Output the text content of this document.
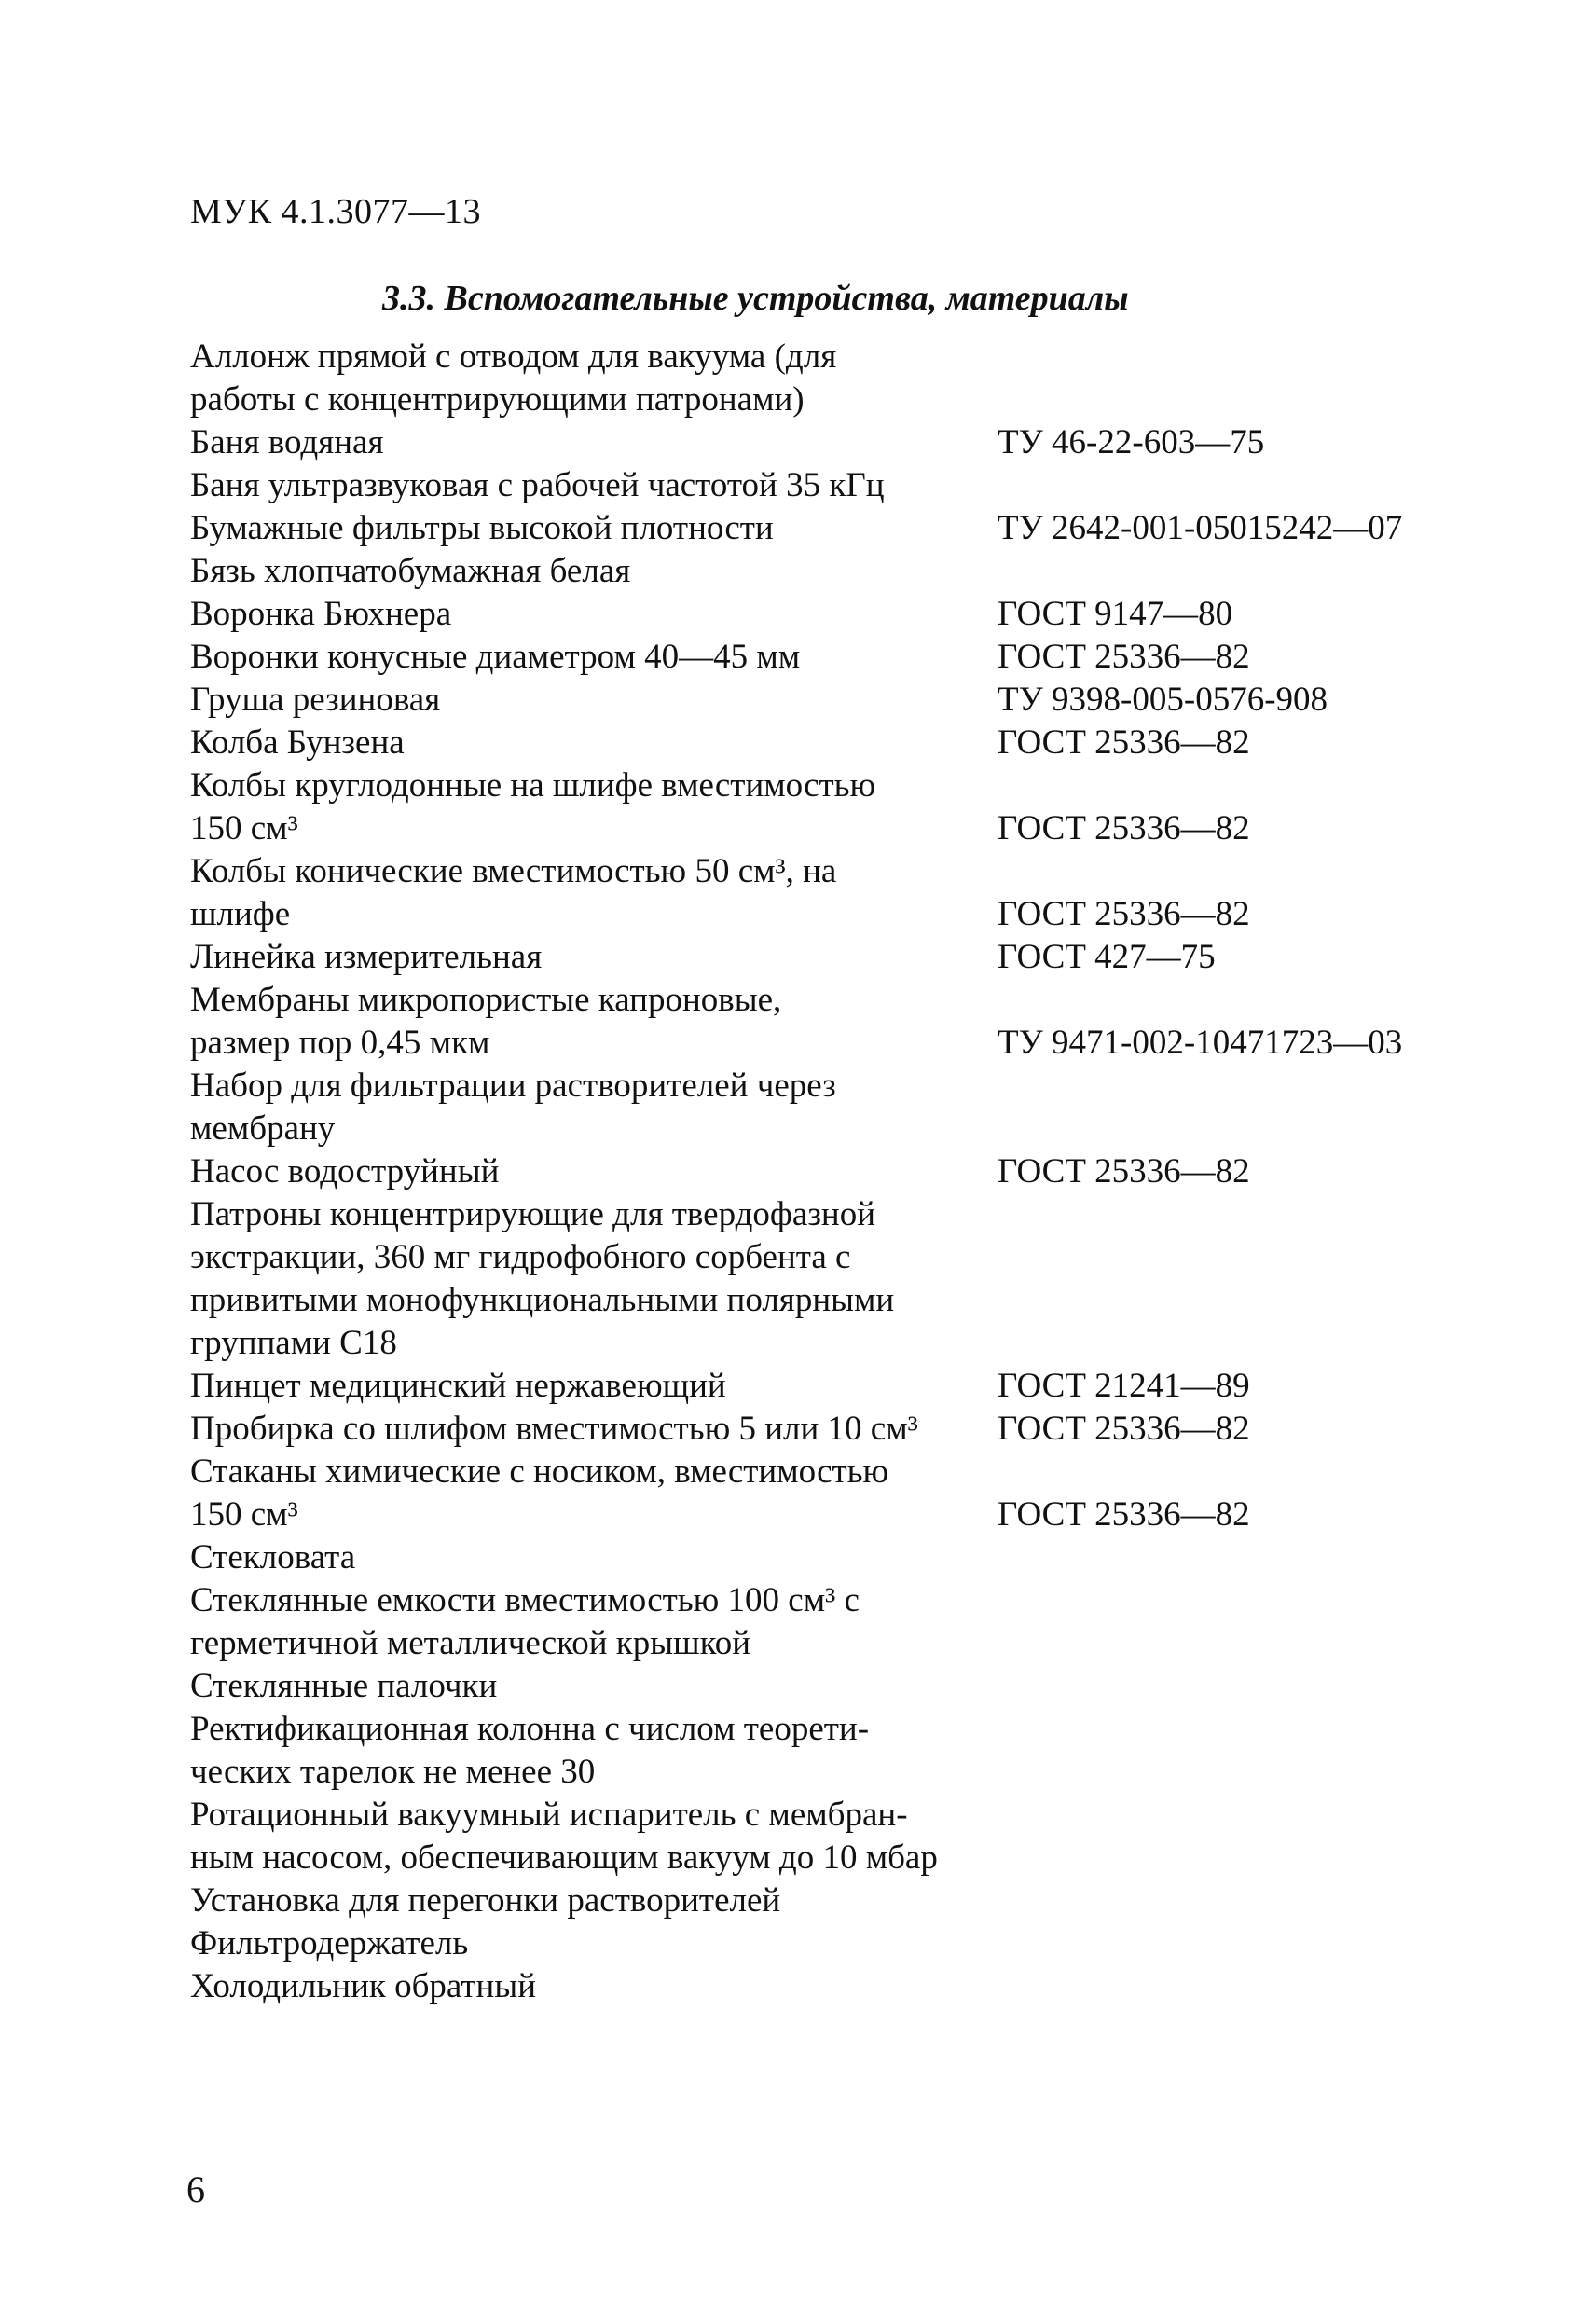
МУК 4.1.3077—13
3.3. Вспомогательные устройства, материалы
Аллонж прямой с отводом для вакуума (для
работы с концентрирующими патронами)
Баня водяная	ТУ 46-22-603—75
Баня ультразвуковая с рабочей частотой 35 кГц
Бумажные фильтры высокой плотности	ТУ 2642-001-05015242—07
Бязь хлопчатобумажная белая
Воронка Бюхнера	ГОСТ 9147—80
Воронки конусные диаметром 40—45 мм	ГОСТ 25336—82
Груша резиновая	ТУ 9398-005-0576-908
Колба Бунзена	ГОСТ 25336—82
Колбы круглодонные на шлифе вместимостью
150 см³	ГОСТ 25336—82
Колбы конические вместимостью 50 см³, на
шлифе	ГОСТ 25336—82
Линейка измерительная	ГОСТ 427—75
Мембраны микропористые капроновые,
размер пор 0,45 мкм	ТУ 9471-002-10471723—03
Набор для фильтрации растворителей через
мембрану
Насос водоструйный	ГОСТ 25336—82
Патроны концентрирующие для твердофазной
экстракции, 360 мг гидрофобного сорбента с
привитыми монофункциональными полярными
группами С18
Пинцет медицинский нержавеющий	ГОСТ 21241—89
Пробирка со шлифом вместимостью 5 или 10 см³	ГОСТ 25336—82
Стаканы химические с носиком, вместимостью
150 см³	ГОСТ 25336—82
Стекловата
Стеклянные емкости вместимостью 100 см³ с
герметичной металлической крышкой
Стеклянные палочки
Ректификационная колонна с числом теорети-
ческих тарелок не менее 30
Ротационный вакуумный испаритель с мембран-
ным насосом, обеспечивающим вакуум до 10 мбар
Установка для перегонки растворителей
Фильтродержатель
Холодильник обратный
6
